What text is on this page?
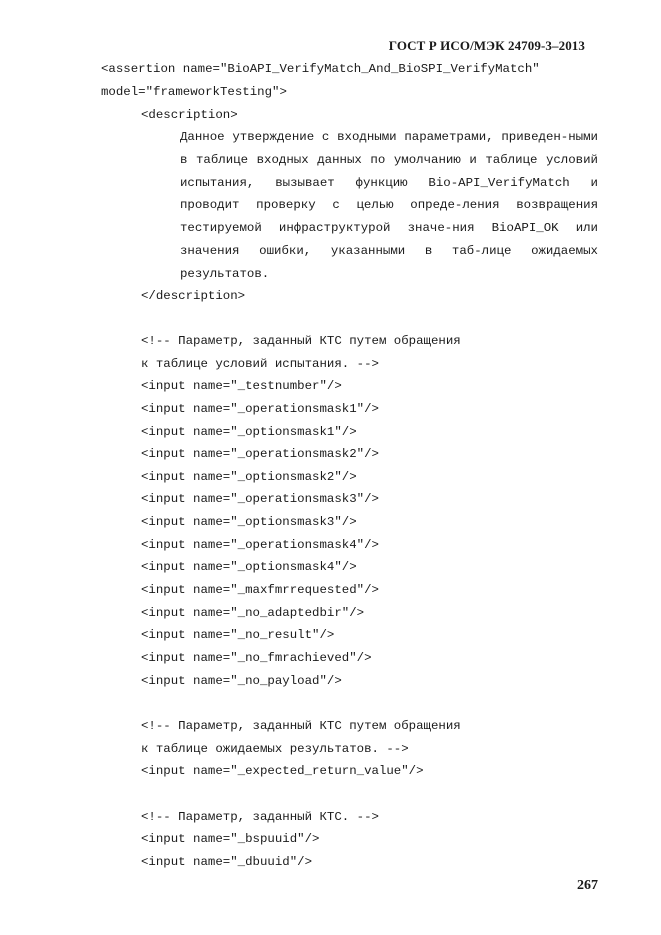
ГОСТ Р ИСО/МЭК 24709-3–2013
<assertion name="BioAPI_VerifyMatch_And_BioSPI_VerifyMatch"
model="frameworkTesting">
<description>

Данное утверждение с входными параметрами, приведен-ными в таблице входных данных по умолчанию и таблице условий испытания, вызывает функцию Bio-API_VerifyMatch и проводит проверку с целью опреде-ления возвращения тестируемой инфраструктурой значе-ния BioAPI_OK или значения ошибки, указанными в таб-лице ожидаемых результатов.

</description>
<!-- Параметр, заданный КТС путем обращения
к таблице условий испытания. -->
<input name="_testnumber"/>
<input name="_operationsmask1"/>
<input name="_optionsmask1"/>
<input name="_operationsmask2"/>
<input name="_optionsmask2"/>
<input name="_operationsmask3"/>
<input name="_optionsmask3"/>
<input name="_operationsmask4"/>
<input name="_optionsmask4"/>
<input name="_maxfmrrequested"/>
<input name="_no_adaptedbir"/>
<input name="_no_result"/>
<input name="_no_fmrachieved"/>
<input name="_no_payload"/>
<!-- Параметр, заданный КТС путем обращения
к таблице ожидаемых результатов. -->
<input name="_expected_return_value"/>
<!-- Параметр, заданный КТС. -->
<input name="_bspuuid"/>
<input name="_dbuuid"/>
267
